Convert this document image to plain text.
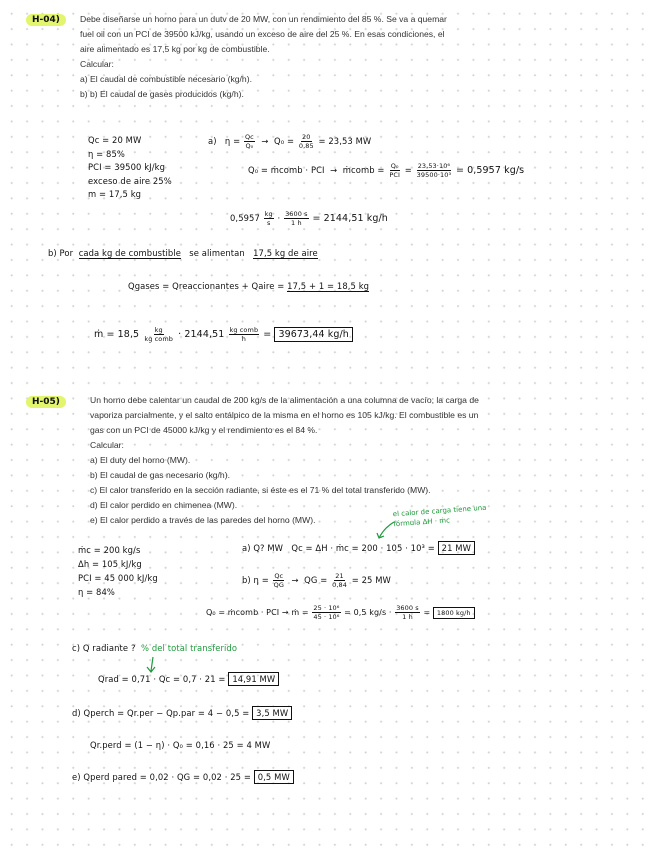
H-04)	Debe diseñarse un horno para un dutv de 20 MW, con un rendimiento del 85 %. Se va a quemar
fuel oil con un PCI de 39500 kJ/kg, usando un exceso de aire del 25 %. En esas condiciones, el
aire alimentado es 17,5 kg por kg de combustible.
Calcular:
a) El caudal de combustible necesario (kg/h).
b) b) El caudal de gases producidos (kg/h).
Qc = 20 MW
η = 85%
PCI = 39500 kJ/kg
exceso de aire 25%
m = 17,5 kg
a) $\eta = \frac{Qc}{\text{Q₀}} \to Q_0 = \frac{20}{0,85} = 23,53$ MW
Q₀ = ṁcomb · PCI → ṁcomb = $\frac{\text{Q₀}}{\text{PCI}} = \frac{\text{23,53·10⁶}}{\text{39500·10³}} = 0,5957$ kg/s
$0,5957 \frac{kg}{s} \cdot \frac{3600 s}{1 h} = 2144,51$ kg/h
b) Por cada kg de combustible se alimentan 17,5 kg de aire
Qgases = Qreaccionantes + Qaire = 17,5 + 1 = 18,5 kg
ṁ = $18,5 \frac{kg}{\text{kg comb}} \cdot 2144,51 \frac{\text{kg comb}}{h} = 39673,44$ kg/h
H-05)	Un horno debe calentar un caudal de 200 kg/s de la alimentación a una columna de vacío; la carga de
vaporiza parcialmente, y el salto entálpico de la misma en el horno es 105 kJ/kg. El combustible es un
gas con un PCI de 45000 kJ/kg y el rendimiento es el 84 %.
Calcular:
a) El duty del horno (MW).
b) El caudal de gas necesario (kg/h).
c) El calor transferido en la sección radiante, si éste es el 71 % del total transferido (MW).
d) El calor perdido en chimenea (MW).
e) El calor perdido a través de las paredes del horno (MW).
el calor de carga tiene una
fórmula ΔH · ṁc
ṁc = 200 kg/s
Δh = 105 kJ/kg
PCI = 45 000 kJ/kg
η = 84%
a) Q? MW Qc = ΔH · ṁc = 200 · 105 · 10³ = 21 MW
b) $\eta = \frac{Qc}{QG}$ → QG = $\frac{21}{0,84} = 25$ MW
Q₀ = ṁcomb · PCI → ṁ = $\frac{\text{25 · 10⁶}}{\text{45 · 10⁶}} = 0,5$ $kg/s \cdot \frac{3600 s}{1 h} = 1800$ kg/h
c) Q radiante ? % del total transferido
Qrad = 0,71 · Qc = 0,7 · 21 = 14,91 MW
d) Qperch = Qr.per − Qp.par = 4 − 0,5 = 3,5 MW
Qr.perd = (1 − η) · Q₀ = 0,16 · 25 = 4 MW
e) Qperd pared = 0,02 · QG = 0,02 · 25 = 0,5 MW
